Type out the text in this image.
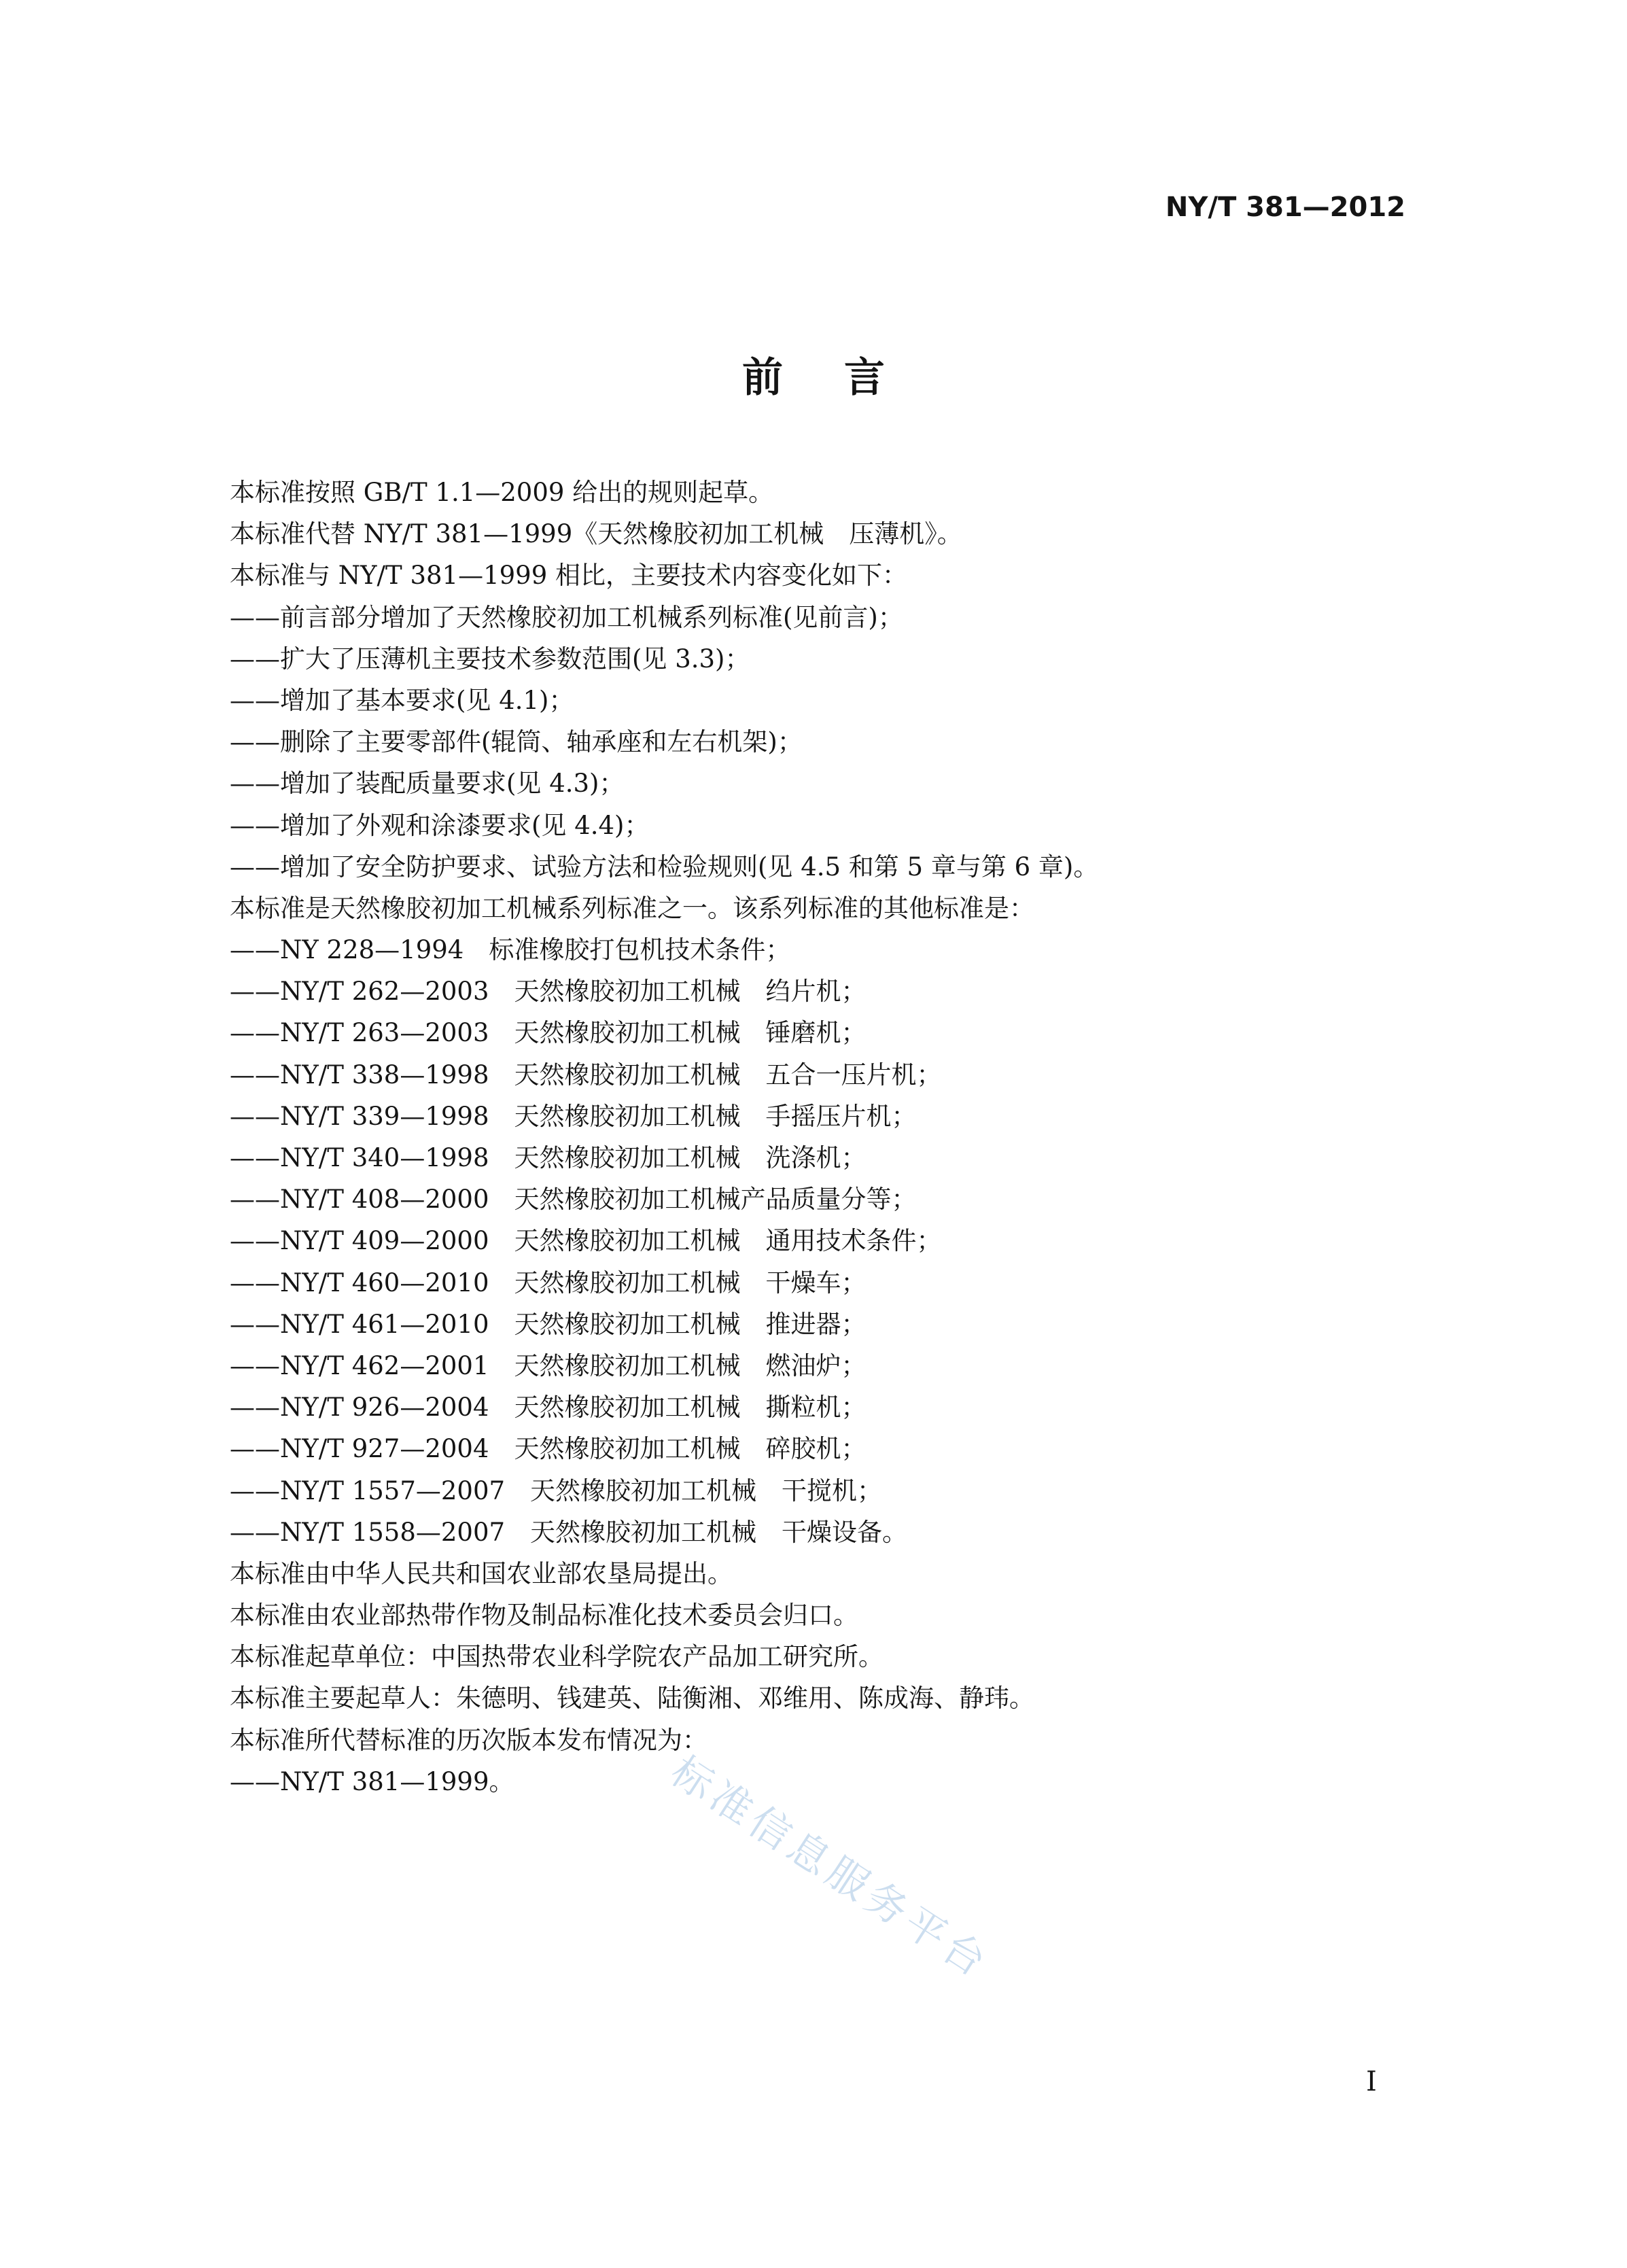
NY/T 381—2012

前言
本标准按照 GB/T 1.1—2009 给出的规则起草。
本标准代替 NY/T 381—1999《天然橡胶初加工机械　压薄机》。
本标准与 NY/T 381—1999 相比，主要技术内容变化如下：
——前言部分增加了天然橡胶初加工机械系列标准(见前言)；
——扩大了压薄机主要技术参数范围(见 3.3)；
——增加了基本要求(见 4.1)；
——删除了主要零部件(辊筒、轴承座和左右机架)；
——增加了装配质量要求(见 4.3)；
——增加了外观和涂漆要求(见 4.4)；
——增加了安全防护要求、试验方法和检验规则(见 4.5 和第 5 章与第 6 章)。
本标准是天然橡胶初加工机械系列标准之一。该系列标准的其他标准是：
——NY 228—1994　标准橡胶打包机技术条件；
——NY/T 262—2003　天然橡胶初加工机械　绉片机；
——NY/T 263—2003　天然橡胶初加工机械　锤磨机；
——NY/T 338—1998　天然橡胶初加工机械　五合一压片机；
——NY/T 339—1998　天然橡胶初加工机械　手摇压片机；
——NY/T 340—1998　天然橡胶初加工机械　洗涤机；
——NY/T 408—2000　天然橡胶初加工机械产品质量分等；
——NY/T 409—2000　天然橡胶初加工机械　通用技术条件；
——NY/T 460—2010　天然橡胶初加工机械　干燥车；
——NY/T 461—2010　天然橡胶初加工机械　推进器；
——NY/T 462—2001　天然橡胶初加工机械　燃油炉；
——NY/T 926—2004　天然橡胶初加工机械　撕粒机；
——NY/T 927—2004　天然橡胶初加工机械　碎胶机；
——NY/T 1557—2007　天然橡胶初加工机械　干搅机；
——NY/T 1558—2007　天然橡胶初加工机械　干燥设备。
本标准由中华人民共和国农业部农垦局提出。
本标准由农业部热带作物及制品标准化技术委员会归口。
本标准起草单位：中国热带农业科学院农产品加工研究所。
本标准主要起草人：朱德明、钱建英、陆衡湘、邓维用、陈成海、静玮。
本标准所代替标准的历次版本发布情况为：
——NY/T 381—1999。	标准信息服务平台

I
